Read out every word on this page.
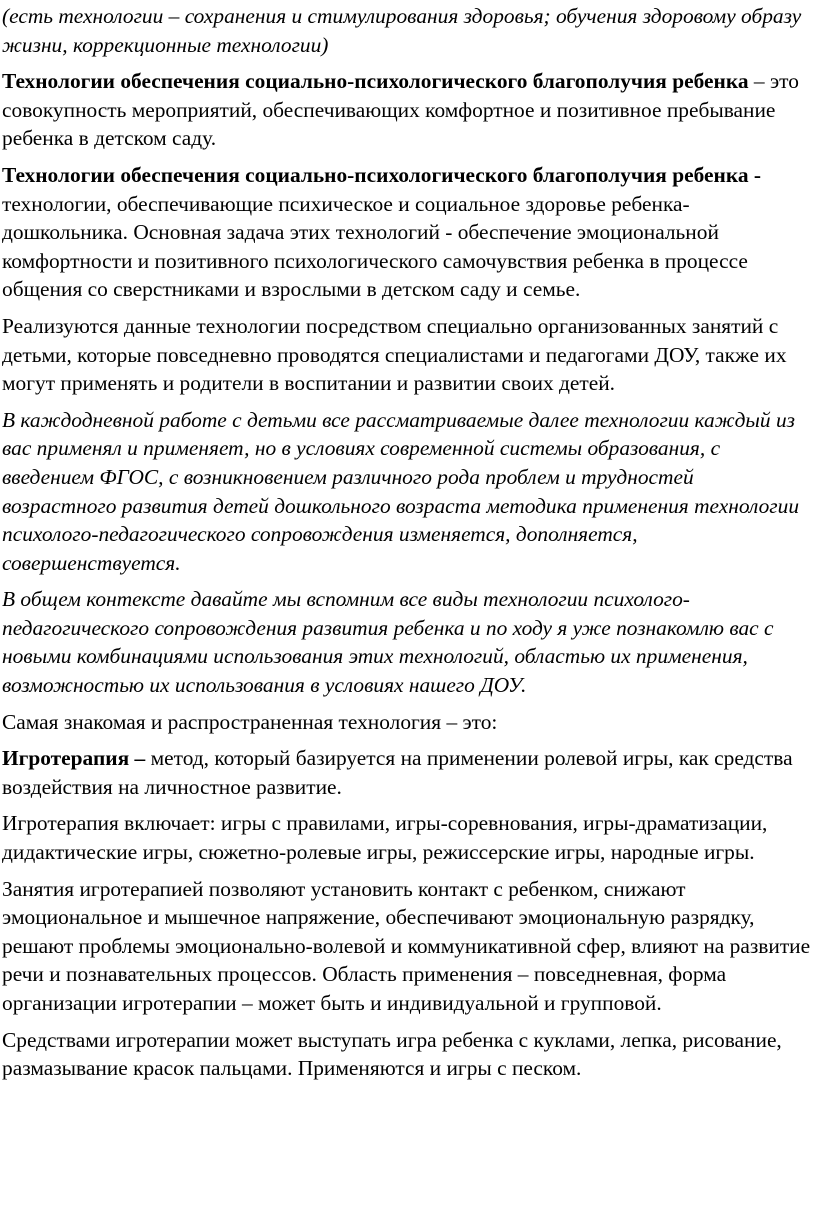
(есть технологии – сохранения и стимулирования здоровья; обучения здоровому образу жизни, коррекционные технологии)

Технологии обеспечения социально-психологического благополучия ребенка – это совокупность мероприятий, обеспечивающих комфортное и позитивное пребывание ребенка в детском саду.

Технологии обеспечения социально-психологического благополучия ребенка - технологии, обеспечивающие психическое и социальное здоровье ребенка-дошкольника. Основная задача этих технологий - обеспечение эмоциональной комфортности и позитивного психологического самочувствия ребенка в процессе общения со сверстниками и взрослыми в детском саду и семье.

Реализуются данные технологии посредством специально организованных занятий с детьми, которые повседневно проводятся специалистами и педагогами ДОУ, также их могут применять и родители в воспитании и развитии своих детей.

В каждодневной работе с детьми все рассматриваемые далее технологии каждый из вас применял и применяет, но в условиях современной системы образования, с введением ФГОС, с возникновением различного рода проблем и трудностей возрастного развития детей дошкольного возраста методика применения технологии психолого-педагогического сопровождения изменяется, дополняется, совершенствуется.

В общем контексте давайте мы вспомним все виды технологии психолого-педагогического сопровождения развития ребенка и по ходу я уже познакомлю вас с новыми комбинациями использования этих технологий, областью их применения, возможностью их использования в условиях нашего ДОУ.

Самая знакомая и распространенная технология – это:

Игротерапия – метод, который базируется на применении ролевой игры, как средства воздействия на личностное развитие.

Игротерапия включает: игры с правилами, игры-соревнования, игры-драматизации, дидактические игры, сюжетно-ролевые игры, режиссерские игры, народные игры.

Занятия игротерапией позволяют установить контакт с ребенком, снижают эмоциональное и мышечное напряжение, обеспечивают эмоциональную разрядку, решают проблемы эмоционально-волевой и коммуникативной сфер, влияют на развитие речи и познавательных процессов. Область применения – повседневная, форма организации игротерапии – может быть и индивидуальной и групповой.

Средствами игротерапии может выступать игра ребенка с куклами, лепка, рисование, размазывание красок пальцами. Применяются и игры с песком.
